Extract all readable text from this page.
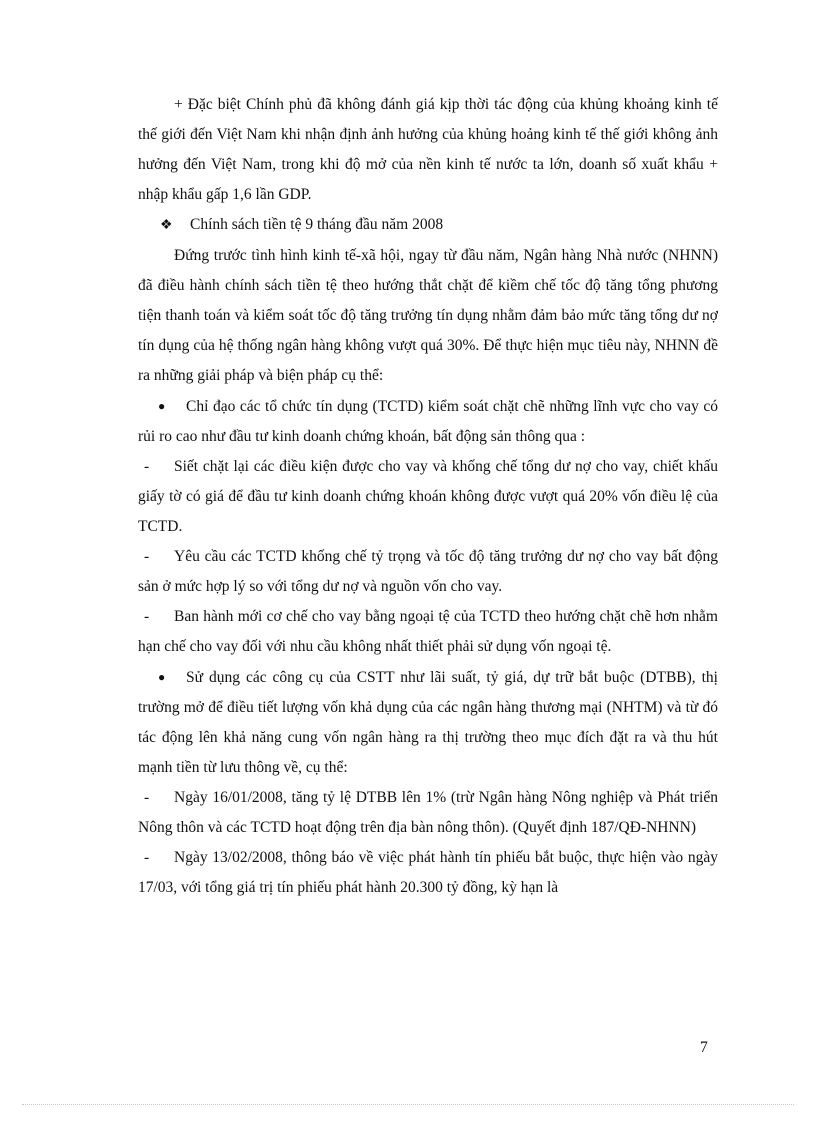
+ Đặc biệt Chính phủ đã không đánh giá kịp thời tác động của khủng khoảng kinh tế thế giới đến Việt Nam khi nhận định ảnh hưởng của khủng hoảng kinh tế thế giới không ảnh hưởng đến Việt Nam, trong khi độ mở của nền kinh tế nước ta lớn, doanh số xuất khẩu + nhập khẩu gấp 1,6 lần GDP.

❖ Chính sách tiền tệ 9 tháng đầu năm 2008

Đứng trước tình hình kinh tế-xã hội, ngay từ đầu năm, Ngân hàng Nhà nước (NHNN) đã điều hành chính sách tiền tệ theo hướng thắt chặt để kiềm chế tốc độ tăng tổng phương tiện thanh toán và kiểm soát tốc độ tăng trưởng tín dụng nhằm đảm bảo mức tăng tổng dư nợ tín dụng của hệ thống ngân hàng không vượt quá 30%. Để thực hiện mục tiêu này, NHNN đề ra những giải pháp và biện pháp cụ thể:

● Chỉ đạo các tổ chức tín dụng (TCTD) kiểm soát chặt chẽ những lĩnh vực cho vay có rủi ro cao như đầu tư kinh doanh chứng khoán, bất động sản thông qua :

- Siết chặt lại các điều kiện được cho vay và khống chế tổng dư nợ cho vay, chiết khấu giấy tờ có giá để đầu tư kinh doanh chứng khoán không được vượt quá 20% vốn điều lệ của TCTD.

- Yêu cầu các TCTD khống chế tỷ trọng và tốc độ tăng trưởng dư nợ cho vay bất động sản ở mức hợp lý so với tổng dư nợ và nguồn vốn cho vay.

- Ban hành mới cơ chế cho vay bằng ngoại tệ của TCTD theo hướng chặt chẽ hơn nhằm hạn chế cho vay đối với nhu cầu không nhất thiết phải sử dụng vốn ngoại tệ.

● Sử dụng các công cụ của CSTT như lãi suất, tỷ giá, dự trữ bắt buộc (DTBB), thị trường mở để điều tiết lượng vốn khả dụng của các ngân hàng thương mại (NHTM) và từ đó tác động lên khả năng cung vốn ngân hàng ra thị trường theo mục đích đặt ra và thu hút mạnh tiền từ lưu thông về, cụ thể:

- Ngày 16/01/2008, tăng tỷ lệ DTBB lên 1% (trừ Ngân hàng Nông nghiệp và Phát triển Nông thôn và các TCTD hoạt động trên địa bàn nông thôn). (Quyết định 187/QĐ-NHNN)

- Ngày 13/02/2008, thông báo về việc phát hành tín phiếu bắt buộc, thực hiện vào ngày 17/03, với tổng giá trị tín phiếu phát hành 20.300 tỷ đồng, kỳ hạn là

7
